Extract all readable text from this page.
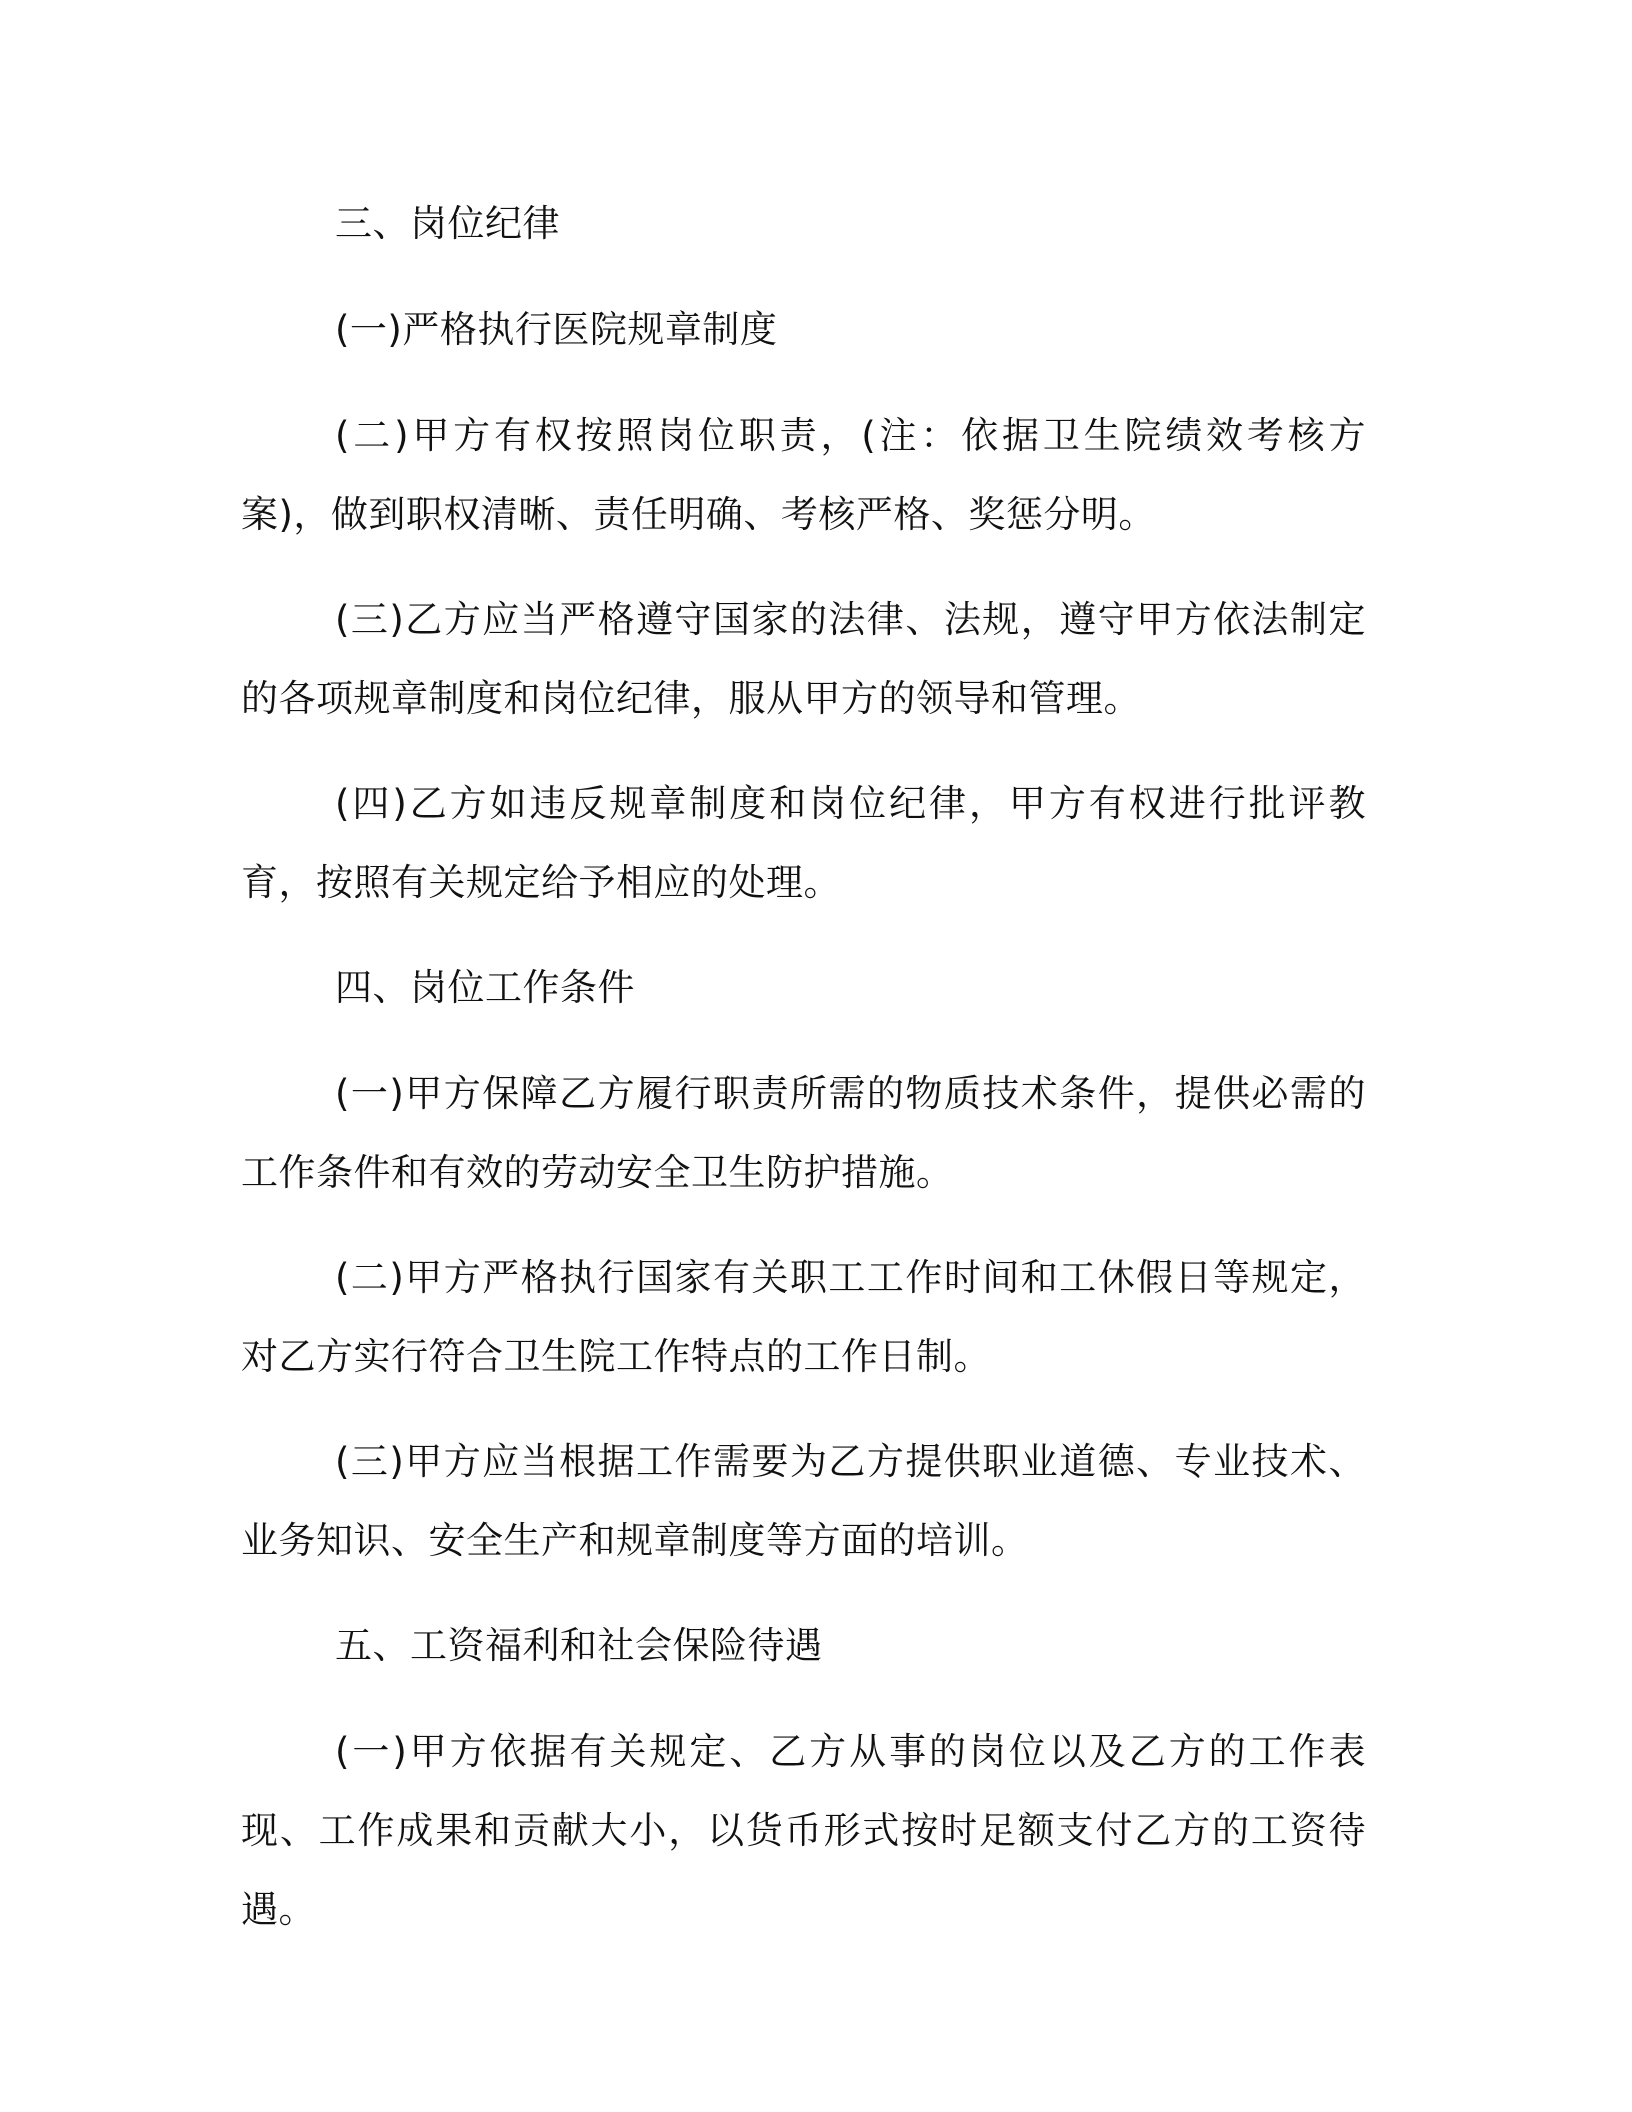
三、岗位纪律

(一)严格执行医院规章制度

(二)甲方有权按照岗位职责，(注：依据卫生院绩效考核方案)，做到职权清晰、责任明确、考核严格、奖惩分明。

(三)乙方应当严格遵守国家的法律、法规，遵守甲方依法制定的各项规章制度和岗位纪律，服从甲方的领导和管理。

(四)乙方如违反规章制度和岗位纪律，甲方有权进行批评教育，按照有关规定给予相应的处理。

四、岗位工作条件

(一)甲方保障乙方履行职责所需的物质技术条件，提供必需的工作条件和有效的劳动安全卫生防护措施。

(二)甲方严格执行国家有关职工工作时间和工休假日等规定，对乙方实行符合卫生院工作特点的工作日制。

(三)甲方应当根据工作需要为乙方提供职业道德、专业技术、业务知识、安全生产和规章制度等方面的培训。

五、工资福利和社会保险待遇

(一)甲方依据有关规定、乙方从事的岗位以及乙方的工作表现、工作成果和贡献大小，以货币形式按时足额支付乙方的工资待遇。
